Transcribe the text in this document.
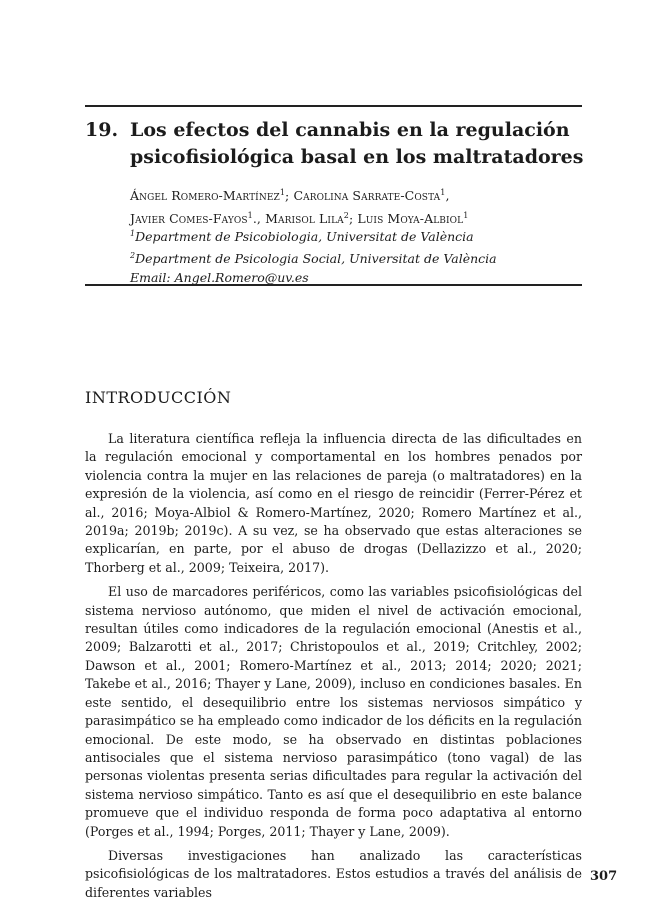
19. Los efectos del cannabis en la regulación psicofisiológica basal en los maltratadores
Ángel Romero-Martínez$^1$; Carolina Sarrate-Costa$^1$,
Javier Comes-Fayos$^1$., Marisol Lila$^2$; Luis Moya-Albiol$^1$
$^1$Department de Psicobiologia, Universitat de València
$^2$Department de Psicologia Social, Universitat de València
Email: Angel.Romero@uv.es
INTRODUCCIÓN

La literatura científica refleja la influencia directa de las dificultades en la regulación emocional y comportamental en los hombres penados por violencia contra la mujer en las relaciones de pareja (o maltratadores) en la expresión de la violencia, así como en el riesgo de reincidir (Ferrer-Pérez et al., 2016; Moya-Albiol & Romero-Martínez, 2020; Romero Martínez et al., 2019a; 2019b; 2019c). A su vez, se ha observado que estas alteraciones se explicarían, en parte, por el abuso de drogas (Dellazizzo et al., 2020; Thorberg et al., 2009; Teixeira, 2017).

El uso de marcadores periféricos, como las variables psicofisiológicas del sistema nervioso autónomo, que miden el nivel de activación emocional, resultan útiles como indicadores de la regulación emocional (Anestis et al., 2009; Balzarotti et al., 2017; Christopoulos et al., 2019; Critchley, 2002; Dawson et al., 2001; Romero-Martínez et al., 2013; 2014; 2020; 2021; Takebe et al., 2016; Thayer y Lane, 2009), incluso en condiciones basales. En este sentido, el desequilibrio entre los sistemas nerviosos simpático y parasimpático se ha empleado como indicador de los déficits en la regulación emocional. De este modo, se ha observado en distintas poblaciones antisociales que el sistema nervioso parasimpático (tono vagal) de las personas violentas presenta serias dificultades para regular la activación del sistema nervioso simpático. Tanto es así que el desequilibrio en este balance promueve que el individuo responda de forma poco adaptativa al entorno (Porges et al., 1994; Porges, 2011; Thayer y Lane, 2009).

Diversas investigaciones han analizado las características psicofisiológicas de los maltratadores. Estos estudios a través del análisis de diferentes variables

307
